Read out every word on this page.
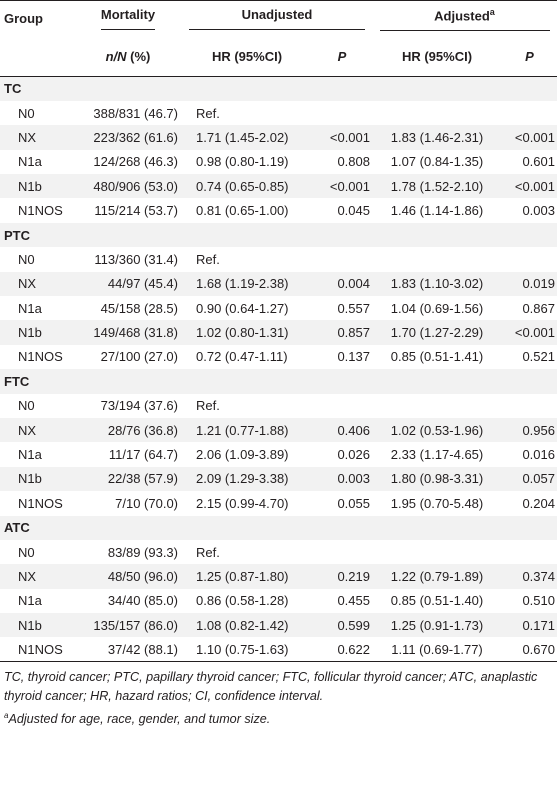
Group	Mortality	Unadjusted		Adjusted$^a$
	n/N (%)	HR (95%CI)	P	HR (95%CI)	P
TC					
N0	388/831 (46.7)	Ref.			
NX	223/362 (61.6)	1.71 (1.45-2.02)	<0.001	1.83 (1.46-2.31)	<0.001
N1a	124/268 (46.3)	0.98 (0.80-1.19)	0.808	1.07 (0.84-1.35)	0.601
N1b	480/906 (53.0)	0.74 (0.65-0.85)	<0.001	1.78 (1.52-2.10)	<0.001
N1NOS	115/214 (53.7)	0.81 (0.65-1.00)	0.045	1.46 (1.14-1.86)	0.003
PTC					
N0	113/360 (31.4)	Ref.			
NX	44/97 (45.4)	1.68 (1.19-2.38)	0.004	1.83 (1.10-3.02)	0.019
N1a	45/158 (28.5)	0.90 (0.64-1.27)	0.557	1.04 (0.69-1.56)	0.867
N1b	149/468 (31.8)	1.02 (0.80-1.31)	0.857	1.70 (1.27-2.29)	<0.001
N1NOS	27/100 (27.0)	0.72 (0.47-1.11)	0.137	0.85 (0.51-1.41)	0.521
FTC					
N0	73/194 (37.6)	Ref.			
NX	28/76 (36.8)	1.21 (0.77-1.88)	0.406	1.02 (0.53-1.96)	0.956
N1a	11/17 (64.7)	2.06 (1.09-3.89)	0.026	2.33 (1.17-4.65)	0.016
N1b	22/38 (57.9)	2.09 (1.29-3.38)	0.003	1.80 (0.98-3.31)	0.057
N1NOS	7/10 (70.0)	2.15 (0.99-4.70)	0.055	1.95 (0.70-5.48)	0.204
ATC					
N0	83/89 (93.3)	Ref.			
NX	48/50 (96.0)	1.25 (0.87-1.80)	0.219	1.22 (0.79-1.89)	0.374
N1a	34/40 (85.0)	0.86 (0.58-1.28)	0.455	0.85 (0.51-1.40)	0.510
N1b	135/157 (86.0)	1.08 (0.82-1.42)	0.599	1.25 (0.91-1.73)	0.171
N1NOS	37/42 (88.1)	1.10 (0.75-1.63)	0.622	1.11 (0.69-1.77)	0.670

TC, thyroid cancer; PTC, papillary thyroid cancer; FTC, follicular thyroid cancer; ATC, anaplastic thyroid cancer; HR, hazard ratios; CI, confidence interval.

$^a$Adjusted for age, race, gender, and tumor size.
